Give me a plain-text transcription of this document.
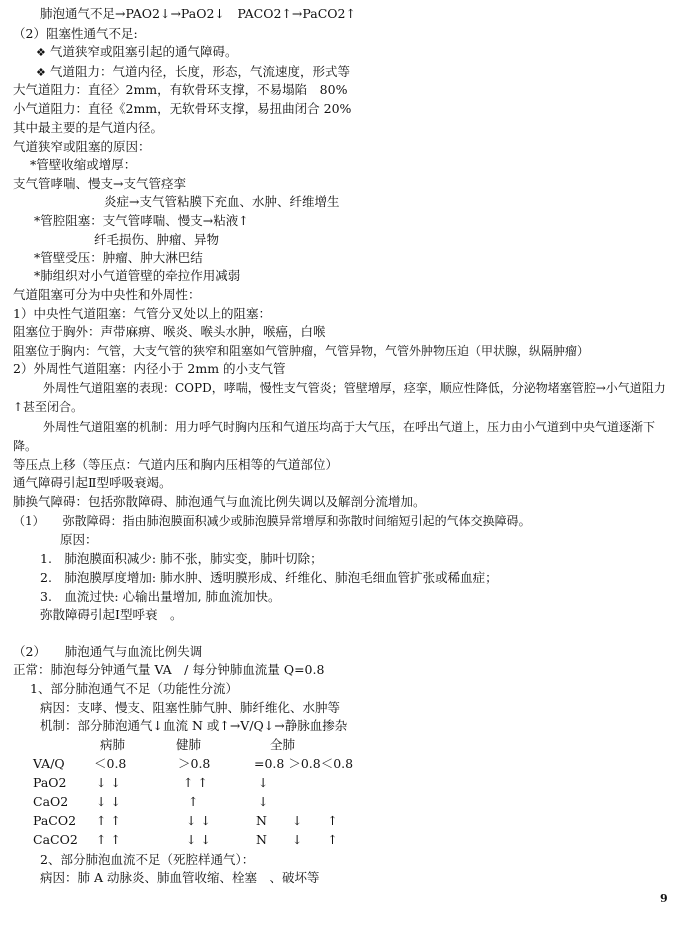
肺泡通气不足→PAO2↓→PaO2↓　PACO2↑→PaCO2↑
（2）阻塞性通气不足:
❖ 气道狭窄或阻塞引起的通气障碍。
❖ 气道阻力：气道内径，长度，形态，气流速度，形式等
大气道阻力：直径〉2mm，有软骨环支撑，不易塌陷　80%
小气道阻力：直径《2mm，无软骨环支撑，易扭曲闭合 20%
其中最主要的是气道内径。
气道狭窄或阻塞的原因：
*管壁收缩或增厚：
支气管哮喘、慢支→支气管痉挛
炎症→支气管粘膜下充血、水肿、纤维增生
*管腔阻塞：支气管哮喘、慢支→粘液↑
纤毛损伤、肿瘤、异物
*管壁受压：肿瘤、肿大淋巴结
*肺组织对小气道管壁的牵拉作用减弱
气道阻塞可分为中央性和外周性：
1）中央性气道阻塞：气管分叉处以上的阻塞：
阻塞位于胸外：声带麻痹、喉炎、喉头水肿，喉癌，白喉
阻塞位于胸内：气管，大支气管的狭窄和阻塞如气管肿瘤，气管异物，气管外肿物压迫（甲状腺，纵隔肿瘤）
2）外周性气道阻塞：内径小于 2mm 的小支气管
外周性气道阻塞的表现：COPD，哮喘，慢性支气管炎；管壁增厚，痉挛，顺应性降低，分泌物堵塞管腔→小气道阻力↑甚至闭合。
外周性气道阻塞的机制：用力呼气时胸内压和气道压均高于大气压，在呼出气道上，压力由小气道到中央气道逐渐下降。
等压点上移（等压点：气道内压和胸内压相等的气道部位）
通气障碍引起Ⅱ型呼吸衰竭。
肺换气障碍：包括弥散障碍、肺泡通气与血流比例失调以及解剖分流增加。
（1）　　弥散障碍：指由肺泡膜面积减少或肺泡膜异常增厚和弥散时间缩短引起的气体交换障碍。
原因：
1.　肺泡膜面积减少: 肺不张，肺实变，肺叶切除；
2.　肺泡膜厚度增加: 肺水肿、透明膜形成、纤维化、肺泡毛细血管扩张或稀血症；
3.　血流过快: 心输出量增加, 肺血流加快。
弥散障碍引起Ⅰ型呼衰　。
（2）　　肺泡通气与血流比例失调
正常：肺泡每分钟通气量 VA　/ 每分钟肺血流量 Q=0.8
1、部分肺泡通气不足（功能性分流）
病因：支哮、慢支、阻塞性肺气肿、肺纤维化、水肿等
机制：部分肺泡通气↓血流 N 或↑→V/Q↓→静脉血掺杂
病肺	健肺	全肺
VA/Q ＜0.8	＞0.8	=0.8 ＞0.8＜0.8
PaO2 ↓ ↓	↑ ↑	↓
CaO2 ↓ ↓	↑	↓
PaCO2 ↑ ↑	↓ ↓	N　　↓　　↑
CaCO2 ↑ ↑	↓ ↓	N　　↓　　↑
2、部分肺泡血流不足（死腔样通气）：
病因：肺 A 动脉炎、肺血管收缩、栓塞　、破坏等
9
